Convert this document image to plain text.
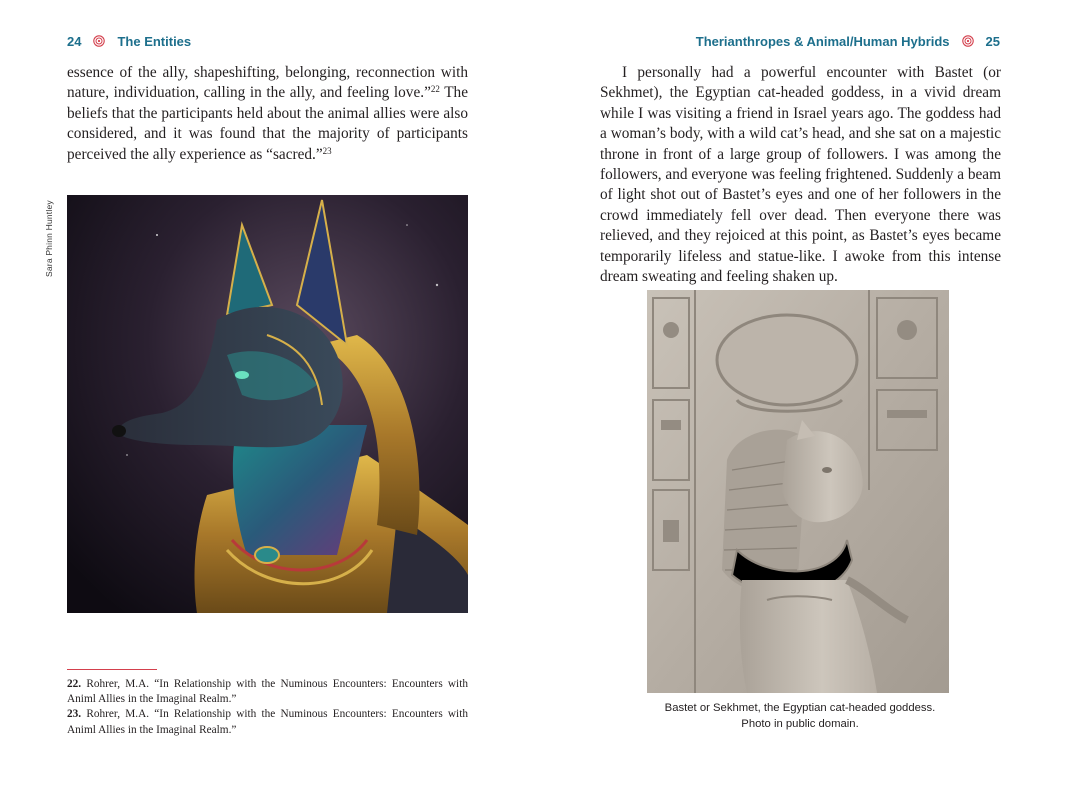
24	The Entities

essence of the ally, shapeshifting, belonging, reconnection with nature, individuation, calling in the ally, and feeling love.”$^{22}$ The beliefs that the participants held about the animal allies were also considered, and it was found that the majority of participants perceived the ally experience as “sacred.”$^{23}$

Sara Phinn Huntley

22. Rohrer, M.A. “In Relationship with the Numinous Encounters: Encounters with Animl Allies in the Imaginal Realm.”

23. Rohrer, M.A. “In Relationship with the Numinous Encounters: Encounters with Animl Allies in the Imaginal Realm.”

Therianthropes & Animal/Human Hybrids	25

I personally had a powerful encounter with Bastet (or Sekhmet), the Egyptian cat-headed goddess, in a vivid dream while I was visiting a friend in Israel years ago. The goddess had a woman’s body, with a wild cat’s head, and she sat on a majestic throne in front of a large group of followers. I was among the followers, and everyone was feeling frightened. Suddenly a beam of light shot out of Bastet’s eyes and one of her followers in the crowd immediately fell over dead. Then everyone there was relieved, and they rejoiced at this point, as Bastet’s eyes became temporarily lifeless and statue-like. I awoke from this intense dream sweating and feeling shaken up.

Bastet or Sekhmet, the Egyptian cat-headed goddess.
Photo in public domain.
